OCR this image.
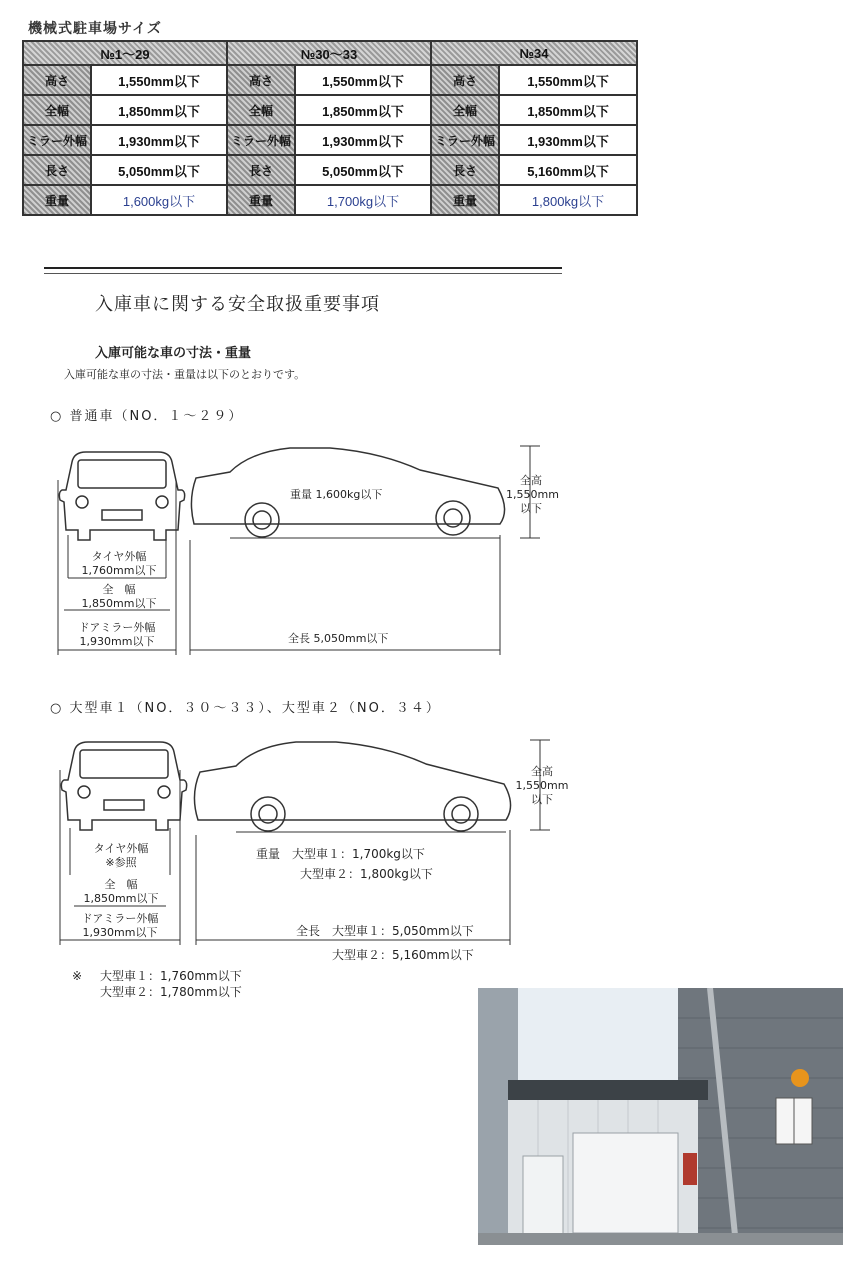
機械式駐車場サイズ
№1～29		№30～33		№34	
高さ	1,550mm以下	高さ	1,550mm以下	高さ	1,550mm以下
全幅	1,850mm以下	全幅	1,850mm以下	全幅	1,850mm以下
ミラー外幅	1,930mm以下	ミラー外幅	1,930mm以下	ミラー外幅	1,930mm以下
長さ	5,050mm以下	長さ	5,050mm以下	長さ	5,160mm以下
重量	1,600kg以下	重量	1,700kg以下	重量	1,800kg以下
入庫車に関する安全取扱重要事項
入庫可能な車の寸法・重量
入庫可能な車の寸法・重量は以下のとおりです。
○ 普通車（NO．１～２９）
重量 1,600kg以下
全高
1,550mm
以下
タイヤ外幅
1,760mm以下
全　幅
1,850mm以下
ドアミラー外幅
1,930mm以下	全長 5,050mm以下
○ 大型車１（NO．３０～３３）、大型車２（NO．３４）
全高
1,550mm
以下
重量　大型車１：1,700kg以下
大型車２：1,800kg以下
タイヤ外幅
※参照
全　幅
1,850mm以下
ドアミラー外幅
1,930mm以下	全長　大型車１：5,050mm以下
大型車２：5,160mm以下
※ 大型車１：1,760mm以下
大型車２：1,780mm以下
